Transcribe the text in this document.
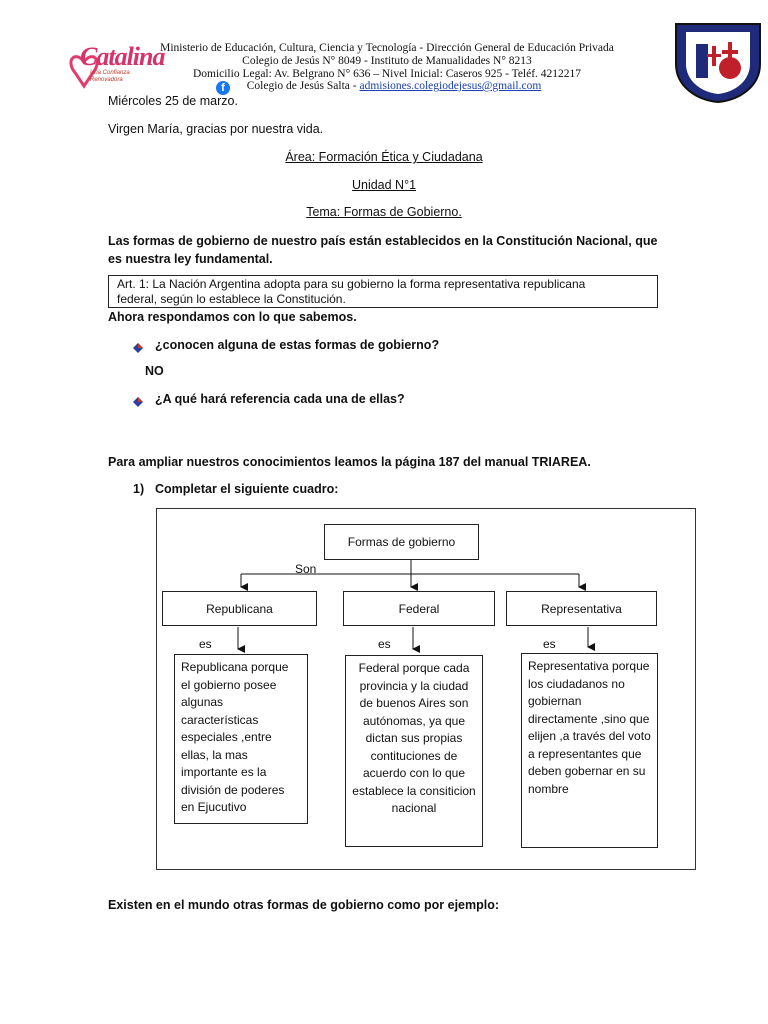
Catalina
Una Confianza Renovadora
Ministerio de Educación, Cultura, Ciencia y Tecnología - Dirección General de Educación Privada
Colegio de Jesús N° 8049 - Instituto de Manualidades N° 8213
Domicilio Legal: Av. Belgrano N° 636 – Nivel Inicial: Caseros 925 - Teléf. 4212217
f	Colegio de Jesús Salta - admisiones.colegiodejesus@gmail.com
Miércoles 25 de marzo.
Virgen María, gracias por nuestra vida.
Área: Formación Ética y Ciudadana
Unidad N°1
Tema: Formas de Gobierno.
Las formas de gobierno de nuestro país están establecidos en la Constitución Nacional, que es nuestra ley fundamental.
Art. 1: La Nación Argentina adopta para su gobierno la forma representativa republicana
federal, según lo establece la Constitución.
Ahora respondamos con lo que sabemos.
¿conocen alguna de estas formas de gobierno?
NO
¿A qué hará referencia cada una de ellas?
Para ampliar nuestros conocimientos leamos la página 187 del manual TRIAREA.
1) Completar el siguiente cuadro:
Formas de gobierno
Son
Republicana	Federal	Representativa
es	es	es
Republicana porque el gobierno posee algunas características especiales ,entre ellas, la mas importante es la división de poderes en Ejucutivo
Federal porque cada provincia y la ciudad de buenos Aires son autónomas, ya que dictan sus propias contituciones de acuerdo con lo que establece la consiticion nacional
Representativa porque los ciudadanos no gobiernan directamente ,sino que elijen ,a través del voto a representantes que deben gobernar en su nombre
Existen en el mundo otras formas de gobierno como por ejemplo:
